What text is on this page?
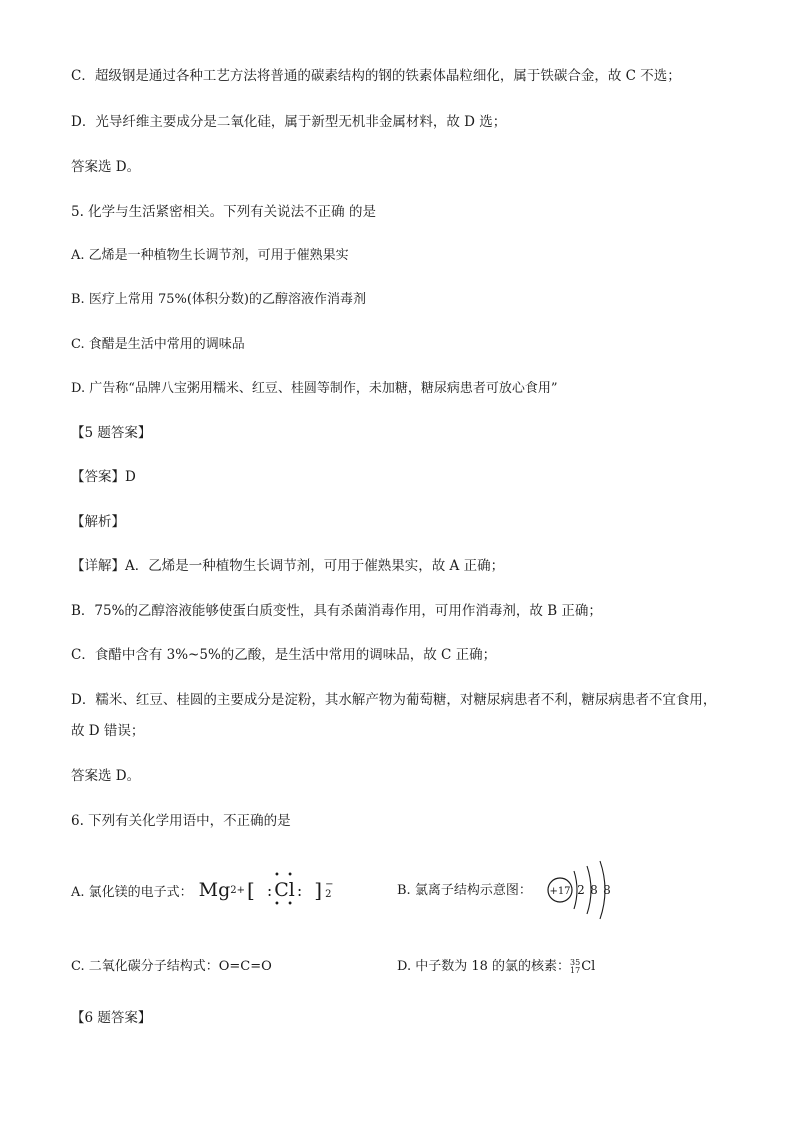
C．超级钢是通过各种工艺方法将普通的碳素结构的钢的铁素体晶粒细化，属于铁碳合金，故 C 不选；
D．光导纤维主要成分是二氧化硅，属于新型无机非金属材料，故 D 选；
答案选 D。
5. 化学与生活紧密相关。下列有关说法不正确 的是
A. 乙烯是一种植物生长调节剂，可用于催熟果实
B. 医疗上常用 75%(体积分数)的乙醇溶液作消毒剂
C. 食醋是生活中常用的调味品
D. 广告称“品牌八宝粥用糯米、红豆、桂圆等制作，未加糖，糖尿病患者可放心食用”
【5 题答案】
【答案】D
【解析】
【详解】A．乙烯是一种植物生长调节剂，可用于催熟果实，故 A 正确；
B．75%的乙醇溶液能够使蛋白质变性，具有杀菌消毒作用，可用作消毒剂，故 B 正确；
C．食醋中含有 3%~5%的乙酸，是生活中常用的调味品，故 C 正确；
D．糯米、红豆、桂圆的主要成分是淀粉，其水解产物为葡萄糖，对糖尿病患者不利，糖尿病患者不宜食用，
故 D 错误；
答案选 D。
6. 下列有关化学用语中，不正确的是
A. 氯化镁的电子式： Mg 2+ [
• •
: Cl :
• •
] −
2	B. 氯离子结构示意图： +17 2 8 8
C. 二氧化碳分子结构式：O=C=O	D. 中子数为 18 的氯的核素： 35
17 Cl
【6 题答案】
